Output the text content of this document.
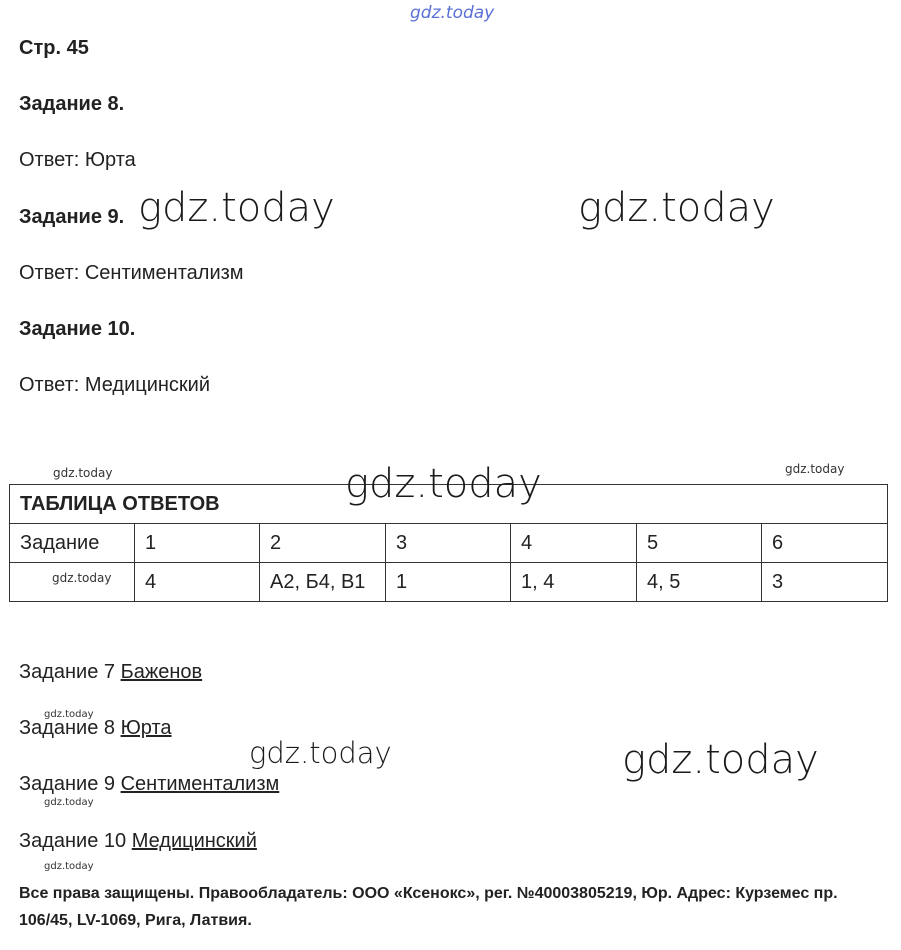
gdz.today
Стр. 45
Задание 8.
Ответ: Юрта
Задание 9.
Ответ: Сентиментализм
Задание 10.
Ответ: Медицинский
gdz.today	gdz.today
gdz.today	gdz.today
ТАБЛИЦА ОТВЕТОВ						
Задание	1	2	3	4	5	6

gdz.today	4	А2, Б4, В1	1	1, 4	4, 5	3
gdz.today
Задание 7 Баженов
gdz.today
Задание 8 Юрта
Задание 9 Сентиментализм
gdz.today
Задание 10 Медицинский
gdz.today
gdz.today	gdz.today
Все права защищены. Правообладатель: ООО «Ксенокс», рег. №40003805219, Юр. Адрес: Курземес пр. 106/45, LV-1069, Рига, Латвия.
